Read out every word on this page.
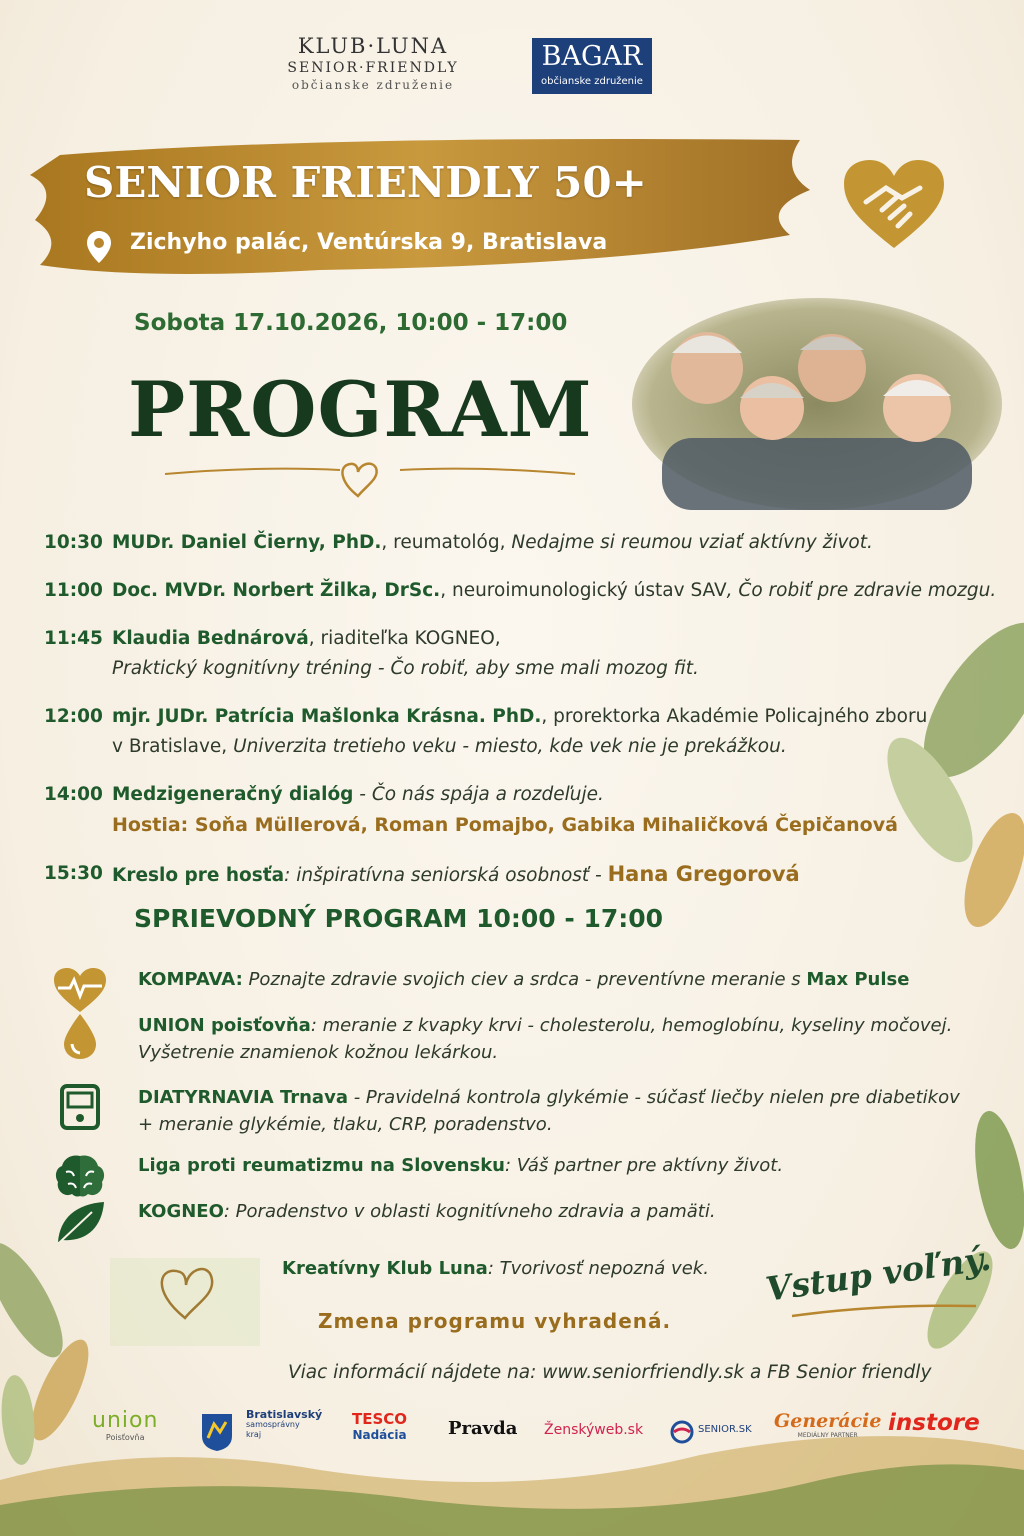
KLUB·LUNA
SENIOR·FRIENDLY
občianske združenie
BAGAR
občianske združenie
SENIOR FRIENDLY 50+
Zichyho palác, Ventúrska 9, Bratislava
Sobota 17.10.2026, 10:00 - 17:00
PROGRAM
10:30 MUDr. Daniel Čierny, PhD., reumatológ, Nedajme si reumou vziať aktívny život.
11:00 Doc. MVDr. Norbert Žilka, DrSc., neuroimunologický ústav SAV, Čo robiť pre zdravie mozgu.
11:45 Klaudia Bednárová, riaditeľka KOGNEO,
Praktický kognitívny tréning - Čo robiť, aby sme mali mozog fit.
12:00 mjr. JUDr. Patrícia Mašlonka Krásna. PhD., prorektorka Akadémie Policajného zboru
v Bratislave, Univerzita tretieho veku - miesto, kde vek nie je prekážkou.
14:00 Medzigeneračný dialóg - Čo nás spája a rozdeľuje.
Hostia: Soňa Müllerová, Roman Pomajbo, Gabika Mihaličková Čepičanová
15:30 Kreslo pre hosťa: inšpiratívna seniorská osobnosť - Hana Gregorová
SPRIEVODNÝ PROGRAM 10:00 - 17:00
KOMPAVA: Poznajte zdravie svojich ciev a srdca - preventívne meranie s Max Pulse
UNION poisťovňa: meranie z kvapky krvi - cholesterolu, hemoglobínu, kyseliny močovej.
Vyšetrenie znamienok kožnou lekárkou.
DIATYRNAVIA Trnava - Pravidelná kontrola glykémie - súčasť liečby nielen pre diabetikov
+ meranie glykémie, tlaku, CRP, poradenstvo.
Liga proti reumatizmu na Slovensku: Váš partner pre aktívny život.
KOGNEO: Poradenstvo v oblasti kognitívneho zdravia a pamäti.
Kreatívny Klub Luna: Tvorivosť nepozná vek.
Zmena programu vyhradená.
Vstup voľný.
Viac informácií nájdete na: www.seniorfriendly.sk a FB Senior friendly
union
Poisťovňa
Bratislavský
samosprávny
kraj
TESCO
Nadácia Pravda Ženskýweb.sk	SENIOR.SK Generácie
MEDIÁLNY PARTNER	instore
